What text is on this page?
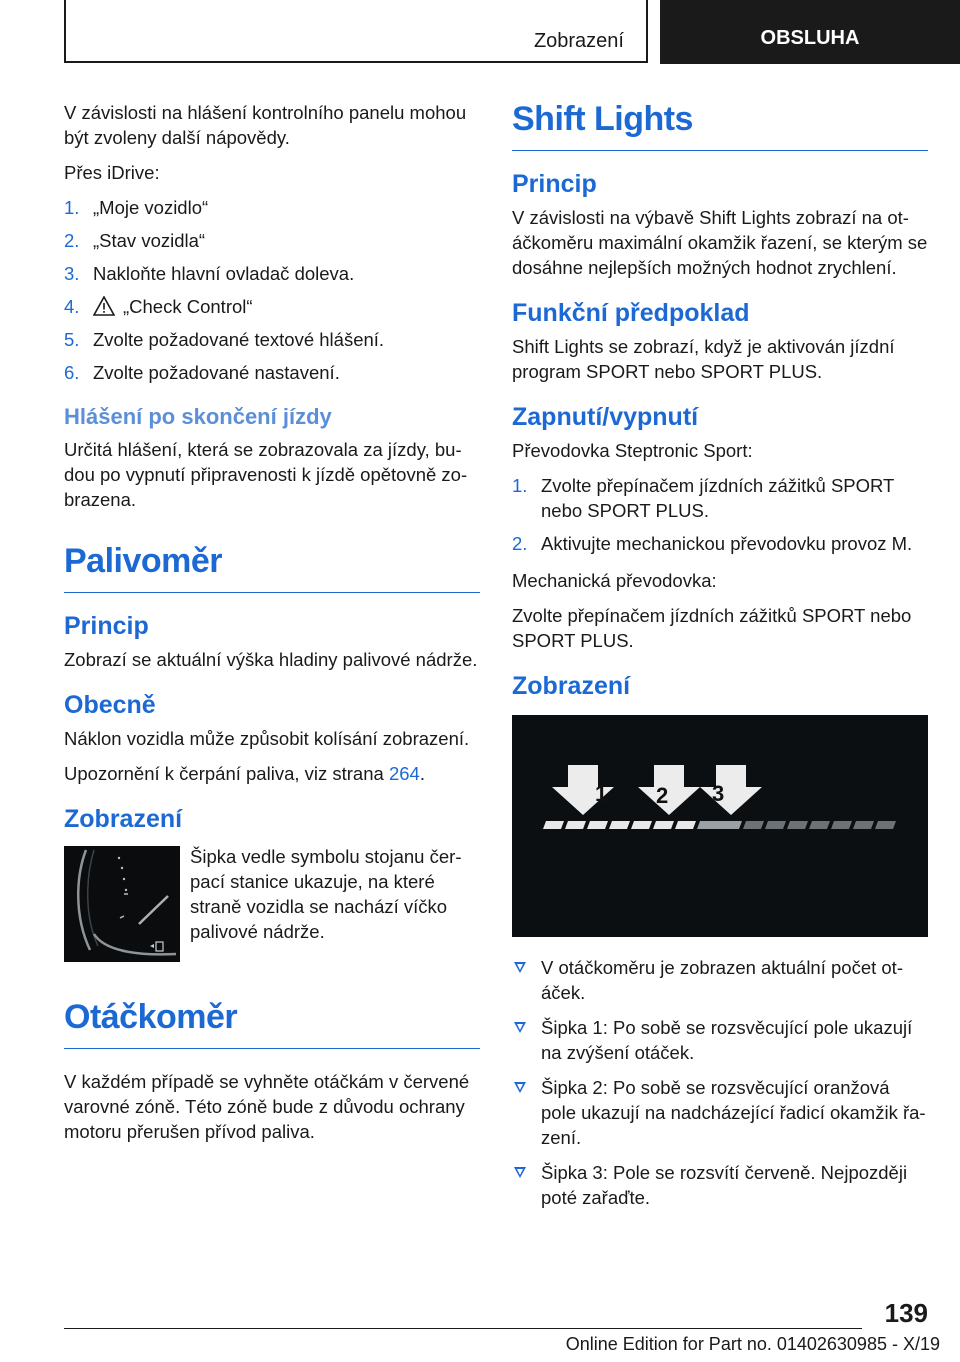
Zobrazení	OBSLUHA

V závislosti na hlášení kontrolního panelu mohou být zvoleny další nápovědy.

Přes iDrive:

1. „Moje vozidlo“
2. „Stav vozidla“
3. Nakloňte hlavní ovladač doleva.
4. „Check Control“
5. Zvolte požadované textové hlášení.
6. Zvolte požadované nastavení.
Hlášení po skončení jízdy

Určitá hlášení, která se zobrazovala za jízdy, budou po vypnutí připravenosti k jízdě opětovně zobrazena.

Palivoměr
Princip

Zobrazí se aktuální výška hladiny palivové nádrže.

Obecně

Náklon vozidla může způsobit kolísání zobrazení.

Upozornění k čerpání paliva, viz strana 264.

Zobrazení

Šipka vedle symbolu stojanu čerpací stanice ukazuje, na které straně vozidla se nachází víčko palivové nádrže.

Otáčkoměr

V každém případě se vyhněte otáčkám v červené varovné zóně. Této zóně bude z důvodu ochrany motoru přerušen přívod paliva.

Shift Lights
Princip

V závislosti na výbavě Shift Lights zobrazí na otáčkoměru maximální okamžik řazení, se kterým se dosáhne nejlepších možných hodnot zrychlení.

Funkční předpoklad

Shift Lights se zobrazí, když je aktivován jízdní program SPORT nebo SPORT PLUS.

Zapnutí/vypnutí

Převodovka Steptronic Sport:

1. Zvolte přepínačem jízdních zážitků SPORT nebo SPORT PLUS.
2. Aktivujte mechanickou převodovku provoz M.

Mechanická převodovka:

Zvolte přepínačem jízdních zážitků SPORT nebo SPORT PLUS.

Zobrazení
1 2 3
V otáčkoměru je zobrazen aktuální počet otáček.
Šipka 1: Po sobě se rozsvěcující pole ukazují na zvýšení otáček.
Šipka 2: Po sobě se rozsvěcující oranžová pole ukazují na nadcházející řadicí okamžik řazení.
Šipka 3: Pole se rozsvítí červeně. Nejpozději poté zařaďte.
139
Online Edition for Part no. 01402630985 - X/19
